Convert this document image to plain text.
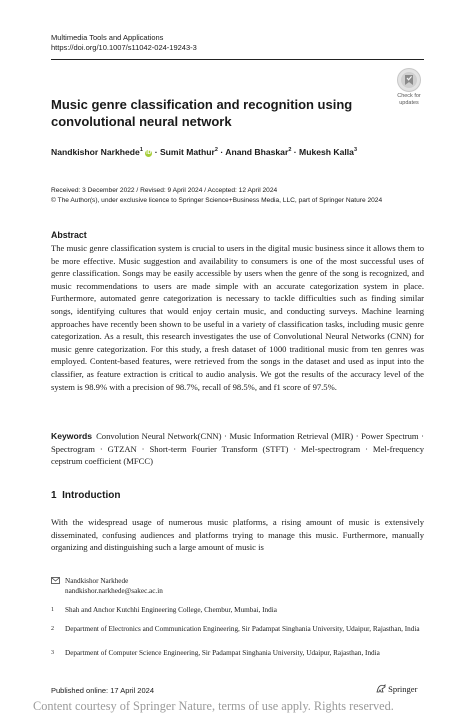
Multimedia Tools and Applications
https://doi.org/10.1007/s11042-024-19243-3
Check for
updates
Music genre classification and recognition using
convolutional neural network
Nandkishor Narkhede$^1$ iD · Sumit Mathur$^2$ · Anand Bhaskar$^2$ · Mukesh Kalla$^3$
Received: 3 December 2022 / Revised: 9 April 2024 / Accepted: 12 April 2024
© The Author(s), under exclusive licence to Springer Science+Business Media, LLC, part of Springer Nature 2024
Abstract
The music genre classification system is crucial to users in the digital music business since it allows them to be more effective. Music suggestion and availability to consumers is one of the most successful uses of genre classification. Songs may be easily accessible by users when the genre of the song is recognized, and music recommendations to users are made simple with an accurate categorization system in place. Furthermore, automated genre categorization is necessary to tackle difficulties such as finding similar songs, identifying cultures that would enjoy certain music, and conducting surveys. Machine learning approaches have recently been shown to be useful in a variety of classification tasks, including music genre categorization. As a result, this research investigates the use of Convolutional Neural Networks (CNN) for music genre categorization. For this study, a fresh dataset of 1000 traditional music from ten genres was employed. Content-based features, were retrieved from the songs in the dataset and used as input into the classifier, as feature extraction is critical to audio analysis. We got the results of the accuracy level of the system is 98.9% with a precision of 98.7%, recall of 98.5%, and f1 score of 97.5%.
Keywords Convolution Neural Network(CNN) · Music Information Retrieval (MIR) · Power Spectrum · Spectrogram · GTZAN · Short-term Fourier Transform (STFT) · Mel-spectrogram · Mel-frequency cepstrum coefficient (MFCC)
1 Introduction
With the widespread usage of numerous music platforms, a rising amount of music is extensively disseminated, confusing audiences and platforms trying to manage this music. Furthermore, manually organizing and distinguishing such a large amount of music is
Nandkishor Narkhede
nandkishor.narkhede@sakec.ac.in
1 Shah and Anchor Kutchhi Engineering College, Chembur, Mumbai, India
2 Department of Electronics and Communication Engineering, Sir Padampat Singhania University, Udaipur, Rajasthan, India
3 Department of Computer Science Engineering, Sir Padampat Singhania University, Udaipur, Rajasthan, India
Published online: 17 April 2024	Springer
Content courtesy of Springer Nature, terms of use apply. Rights reserved.
